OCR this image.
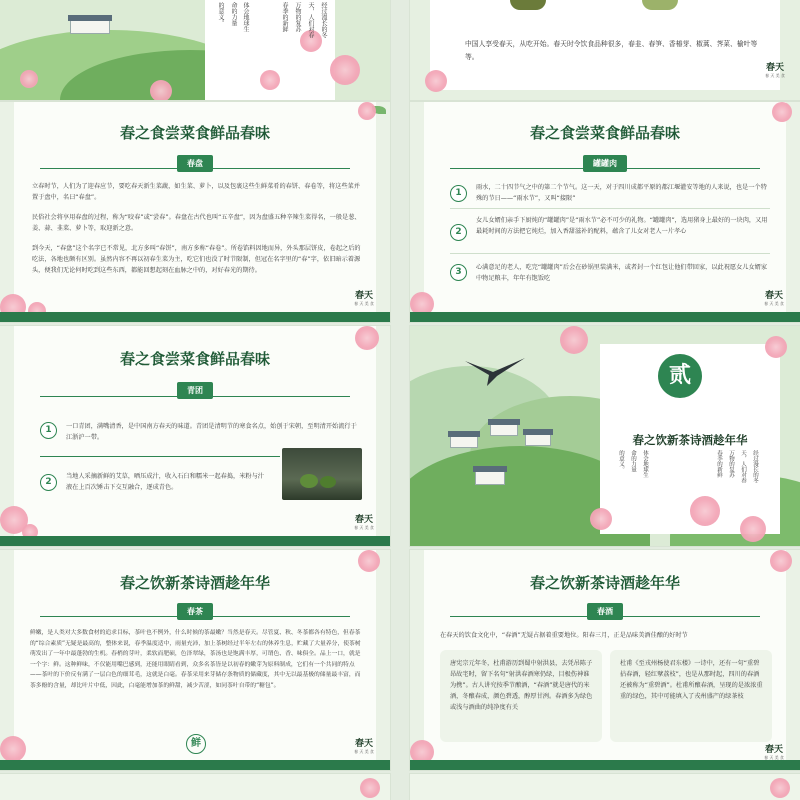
经过漫长的冬
天，人们对春
万物的复苏
春季的新鲜
体会地球生
命的力量
的意义。
中国人享受春天，从吃开始。春天时令饮食品种很多，春韭、春笋、香椿芽、椒蒿、荠菜、榆叶等等。
春天
春 天 美 食
春之食尝菜食鲜品春味
春盘
立春时节，人们为了迎春应节，要吃春天新生菜蔬，如生菜、萝卜，以及包裹这些生鲜菜肴的春饼、春卷等，将这些菜并置于盘中，名曰“春盘”。
民俗社会将享用春盘的过程，称为“咬春”或“尝春”。春盘在古代也叫“五辛盘”，因为盘盛五种辛辣生菜得名，一般是葱、姜、蒜、韭菜、萝卜等，取迎新之意。
到今天，“春盘”这个名字已不常见，北方多叫“春饼”，南方多称“春卷”。所卷馅料因地而异，外头那层饼皮，卷起之后的吃法，各地也颇有区别。虽然内容不再以初春生菜为主，吃它们也没了时节限制，但冠在名字里的“春”字，依旧暗示着源头，便我们无论何时吃到这些东西，都能回想起刻在血脉之中的，对好春光的期待。
春天
春 天 美 食
春之食尝菜食鲜品春味
罐罐肉
1
雨水，二十四节气之中的第二个节气。这一天，对于四川成都平原的都江堰灌安等地的人来说，也是一个特殊的节日——“雨水节”，又叫“接限”
2
女儿女婿们亲手下厨炖的“罐罐肉”是“雨水节”必不可少的礼物。“罐罐肉”，选用猪身上最好的一块肉，又用最耗时间的方法把它炖烂，加入香甜滋补的配料，蕴含了儿女对老人一片孝心
3	心满意足的老人，吃完“罐罐肉”后会在砂锅里装满米，或者封一个红包让他们带回家，以此祝愿女儿女婿家中物足粮丰，年年有饱饭吃
春天
春 天 美 食
春之食尝菜食鲜品春味
青团
1	一口青团，满嘴清香，是中国南方春天的味道。青团是清明节的寒食名点，始创于宋朝，至明清开始流行于江浙沪一带。
2
当地人采摘新鲜的艾草，晒压成汁，收入石臼和糯米一起春捣，米粉与汁液在上百次锤击下交互融合，逐成青色。
春天
春 天 美 食
贰
春之饮新茶诗酒趁年华
经过漫长的冬
天，人们对春
万物的复苏
春季的新鲜
体会地球生
命的力量
的意义。
春之饮新茶诗酒趁年华
春茶
鲜嫩，是人类对大多数食材的追求目标，茶叶也不例外，什么时候的茶最嫩？当然是春天。尽管夏、秋、冬茶都各有特色，但春茶的“综合素质”无疑是最高的，整体来说，春季温度适中，雨量充沛，加上茶树经过半年左右的休养生息，贮藏了大量养分，使茶树萌发出了一年中最蓬勃的生机。春梢的芽叶，柔软而肥硕，色泽翠绿，茶汤也是饱满丰厚，可谓色、香、味俱全。品上一口，就是一个字：鲜。这种鲜味，不仅能用嘴巴感到，还能用眼睛看到，众多名茶皆是以初春的嫩芽为原料制成，它们有一个共同的特点——茶叶的下价反有满了一层白色的细茸毛，这就是白毫。春茶采用来芽储存条物质的储藏度，其中无以最基极的储量最丰富，而茶多酚的含量，却比叶片中低，因此，白毫能增加茶的鲜甜，减少苦涩，如同茶叶自带的“糖包”。
鲜	春天
春 天 美 食
春之饮新茶诗酒趁年华
春酒
在春天的饮食文化中，“春酒”无疑占据着重要地位。阳春三月，正是品味美酒佳酿的好时节
唐宪宗元年冬，杜甫游历到蜀中射洪县，去凭吊陈子昂故宅时，留下名句“射洪春酒寒仍绿，目极伤神谁为携”。古人讲究按季节酿酒，“春酒”就是唐代的米酒，冬酿春成，颜色碧透，醇厚甘洌。春酒多为绿色或浅与酒曲的纯净度有关
杜甫《至戎州杨使君东楼》一诗中，还有一句“重碧拈春酒，轻红擘荔枝”，也是从那时起，四川的春酒还被称为“重碧酒”。杜甫所酿春酒，呈现的是浓浓重重的绿色，其中可能填入了戎州盛产的绿茶枝
春天
春 天 美 食
